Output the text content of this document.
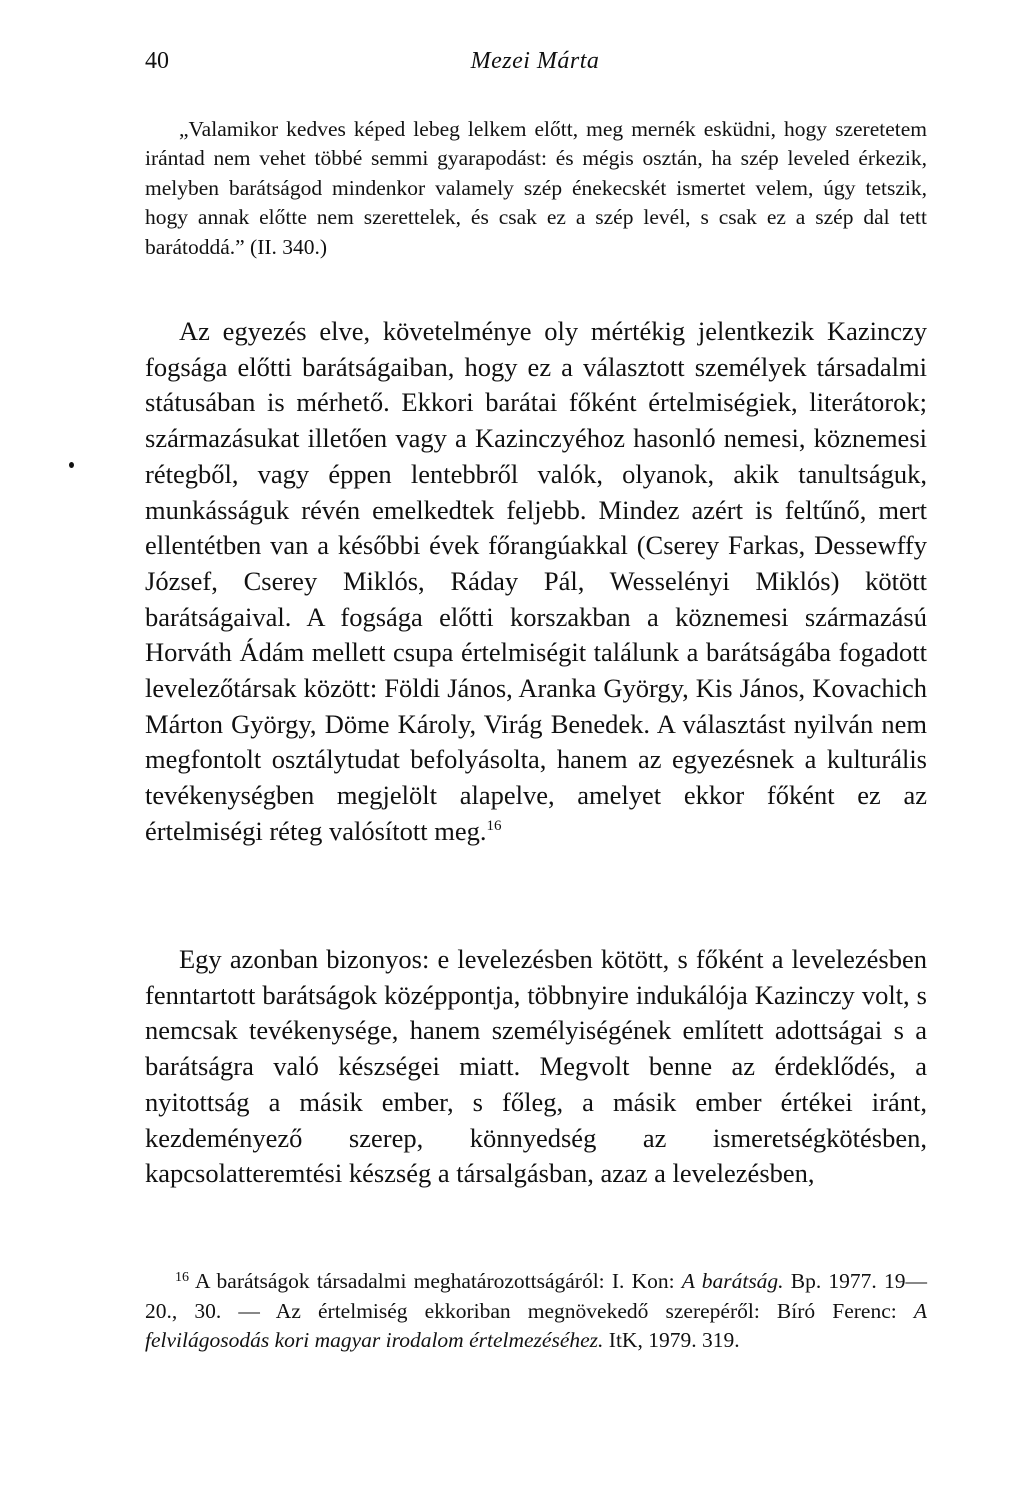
40	Mezei Márta

„Valamikor kedves képed lebeg lelkem előtt, meg mernék esküdni, hogy szeretetem irántad nem vehet többé semmi gyarapodást: és mégis osztán, ha szép leveled érkezik, melyben barátságod mindenkor valamely szép énekecskét ismertet velem, úgy tetszik, hogy annak előtte nem szerettelek, és csak ez a szép levél, s csak ez a szép dal tett barátoddá.” (II. 340.)

Az egyezés elve, követelménye oly mértékig jelentkezik Kazinczy fogsága előtti barátságaiban, hogy ez a választott személyek társadalmi státusában is mérhető. Ekkori barátai főként értelmiségiek, literátorok; származásukat illetően vagy a Kazinczyéhoz hasonló nemesi, köznemesi rétegből, vagy éppen lentebbről valók, olyanok, akik tanultságuk, munkásságuk révén emelkedtek feljebb. Mindez azért is feltűnő, mert ellentétben van a későbbi évek főrangúakkal (Cserey Farkas, Dessewffy József, Cserey Miklós, Ráday Pál, Wesselényi Miklós) kötött barátságaival. A fogsága előtti korszakban a köznemesi származású Horváth Ádám mellett csupa értelmiségit találunk a barátságába fogadott levelezőtársak között: Földi János, Aranka György, Kis János, Kovachich Márton György, Döme Károly, Virág Benedek. A választást nyilván nem megfontolt osztálytudat befolyásolta, hanem az egyezésnek a kulturális tevékenységben megjelölt alapelve, amelyet ekkor főként ez az értelmiségi réteg valósított meg.$^{16}$

Egy azonban bizonyos: e levelezésben kötött, s főként a levelezésben fenntartott barátságok középpontja, többnyire indukálója Kazinczy volt, s nemcsak tevékenysége, hanem személyiségének említett adottságai s a barátságra való készségei miatt. Megvolt benne az érdeklődés, a nyitottság a másik ember, s főleg, a másik ember értékei iránt, kezdeményező szerep, könnyedség az ismeretségkötésben, kapcsolatteremtési készség a társalgásban, azaz a levelezésben,

$^{16}$ A barátságok társadalmi meghatározottságáról: I. Kon: A barátság. Bp. 1977. 19—20., 30. — Az értelmiség ekkoriban megnövekedő szerepéről: Bíró Ferenc: A felvilágosodás kori magyar irodalom értelmezéséhez. ItK, 1979. 319.
